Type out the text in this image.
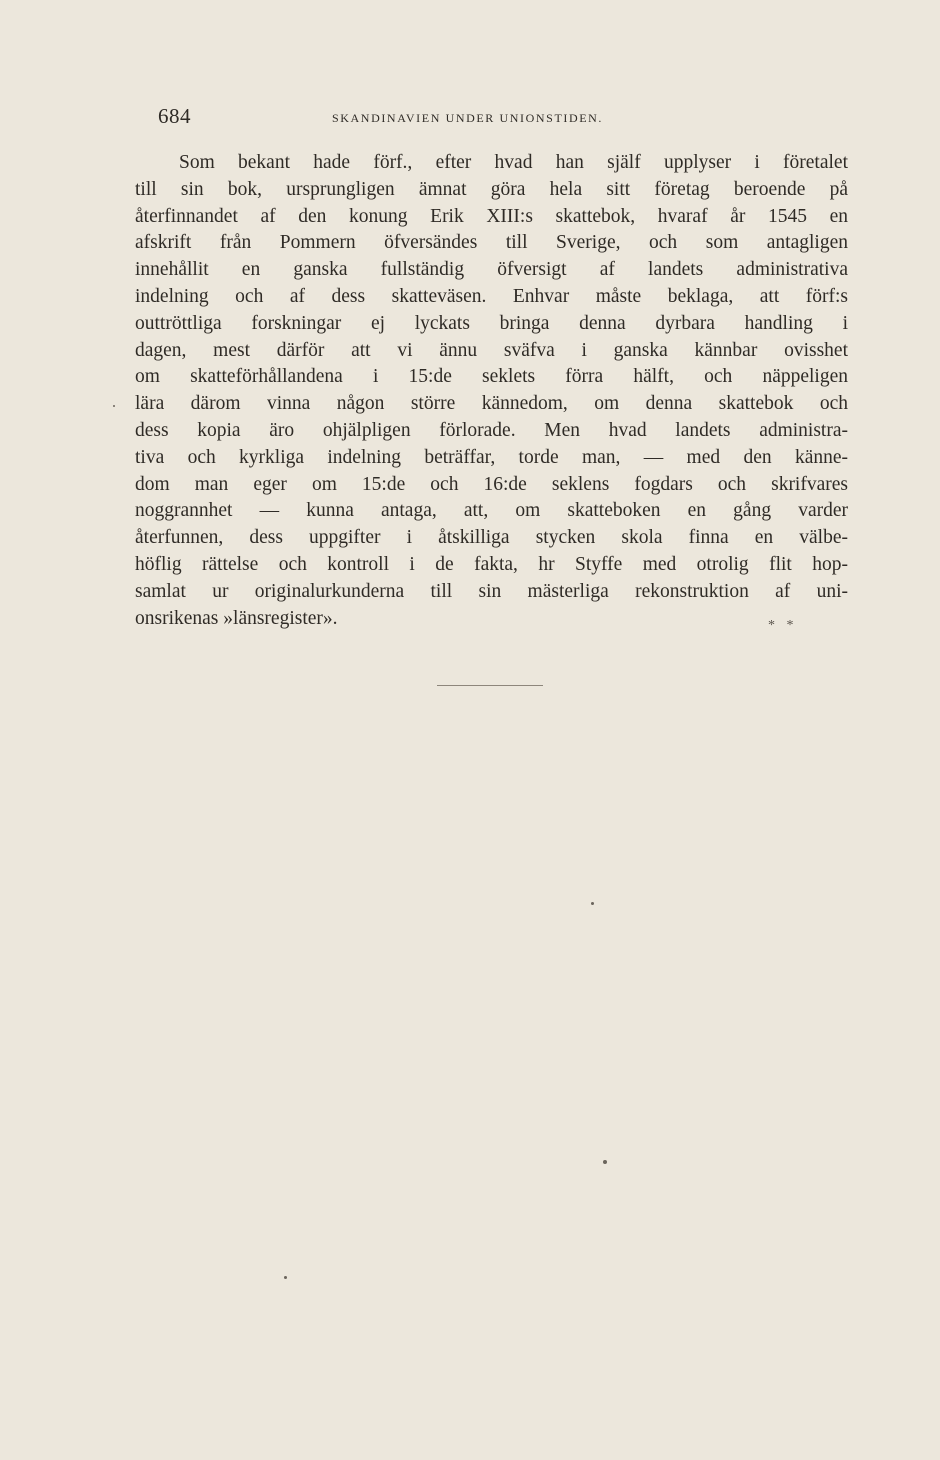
684	SKANDINAVIEN UNDER UNIONSTIDEN.
Som bekant hade förf., efter hvad han själf upplyser i företalet
till sin bok, ursprungligen ämnat göra hela sitt företag beroende på
återfinnandet af den konung Erik XIII:s skattebok, hvaraf år 1545 en
afskrift från Pommern öfversändes till Sverige, och som antagligen
innehållit en ganska fullständig öfversigt af landets administrativa
indelning och af dess skatteväsen. Enhvar måste beklaga, att förf:s
outtröttliga forskningar ej lyckats bringa denna dyrbara handling i
dagen, mest därför att vi ännu sväfva i ganska kännbar ovisshet
om skatteförhållandena i 15:de seklets förra hälft, och näppeligen
lära därom vinna någon större kännedom, om denna skattebok och
dess kopia äro ohjälpligen förlorade. Men hvad landets administra-
tiva och kyrkliga indelning beträffar, torde man, — med den känne-
dom man eger om 15:de och 16:de seklens fogdars och skrifvares
noggrannhet — kunna antaga, att, om skatteboken en gång varder
återfunnen, dess uppgifter i åtskilliga stycken skola finna en välbe-
höflig rättelse och kontroll i de fakta, hr Styffe med otrolig flit hop-
samlat ur originalurkunderna till sin mästerliga rekonstruktion af uni-
onsrikenas »länsregister».	* *
